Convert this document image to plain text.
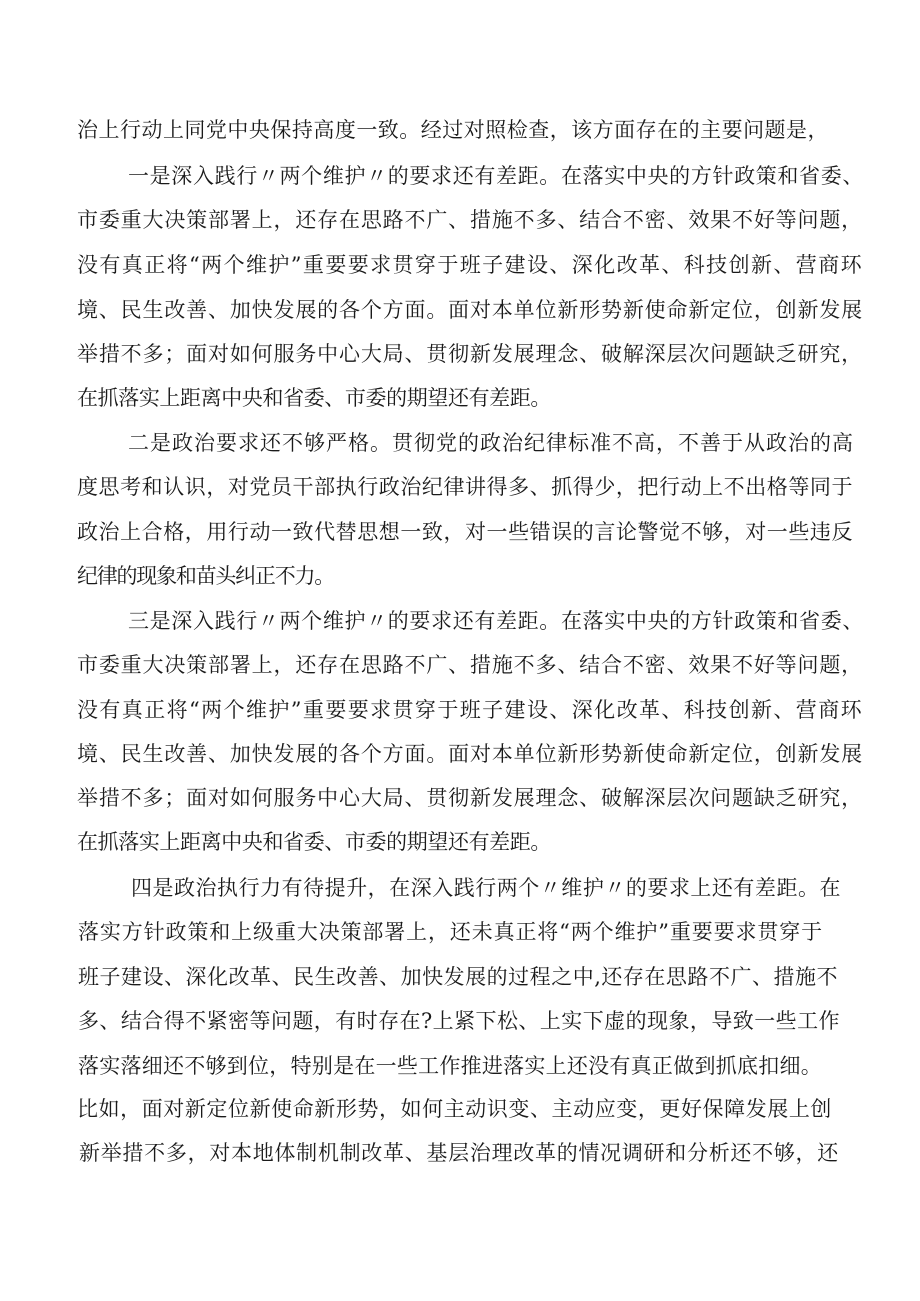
治上行动上同党中央保持高度一致。经过对照检查，该方面存在的主要问题是，

一是深入践行〃两个维护〃的要求还有差距。在落实中央的方针政策和省委、

市委重大决策部署上，还存在思路不广、措施不多、结合不密、效果不好等问题，

没有真正将“两个维护”重要要求贯穿于班子建设、深化改革、科技创新、营商环

境、民生改善、加快发展的各个方面。面对本单位新形势新使命新定位，创新发展

举措不多；面对如何服务中心大局、贯彻新发展理念、破解深层次问题缺乏研究，

在抓落实上距离中央和省委、市委的期望还有差距。

二是政治要求还不够严格。贯彻党的政治纪律标准不高，不善于从政治的高

度思考和认识，对党员干部执行政治纪律讲得多、抓得少，把行动上不出格等同于

政治上合格，用行动一致代替思想一致，对一些错误的言论警觉不够，对一些违反

纪律的现象和苗头纠正不力。

三是深入践行〃两个维护〃的要求还有差距。在落实中央的方针政策和省委、

市委重大决策部署上，还存在思路不广、措施不多、结合不密、效果不好等问题，

没有真正将“两个维护”重要要求贯穿于班子建设、深化改革、科技创新、营商环

境、民生改善、加快发展的各个方面。面对本单位新形势新使命新定位，创新发展

举措不多；面对如何服务中心大局、贯彻新发展理念、破解深层次问题缺乏研究，

在抓落实上距离中央和省委、市委的期望还有差距。

四是政治执行力有待提升，在深入践行两个〃维护〃的要求上还有差距。在

落实方针政策和上级重大决策部署上，还未真正将“两个维护”重要要求贯穿于

班子建设、深化改革、民生改善、加快发展的过程之中,还存在思路不广、措施不

多、结合得不紧密等问题，有时存在?上紧下松、上实下虚的现象，导致一些工作

落实落细还不够到位，特别是在一些工作推进落实上还没有真正做到抓底扣细。

比如，面对新定位新使命新形势，如何主动识变、主动应变，更好保障发展上创

新举措不多，对本地体制机制改革、基层治理改革的情况调研和分析还不够，还
